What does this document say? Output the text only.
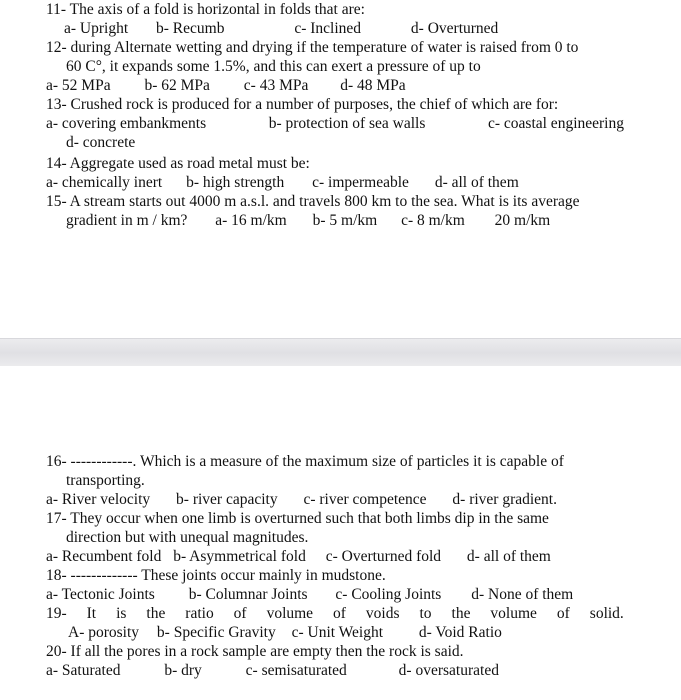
11- The axis of a fold is horizontal in folds that are:
a- Upright b- Recumb	c- Inclined	d- Overturned
12- during Alternate wetting and drying if the temperature of water is raised from 0 to
60 C°, it expands some 1.5%, and this can exert a pressure of up to
a- 52 MPa b- 62 MPa c- 43 MPa d- 48 MPa
13- Crushed rock is produced for a number of purposes, the chief of which are for:
a- covering embankments	b- protection of sea walls	c- coastal engineering
d- concrete
14- Aggregate used as road metal must be:
a- chemically inert b- high strength c- impermeable d- all of them
15- A stream starts out 4000 m a.s.l. and travels 800 km to the sea. What is its average
gradient in m / km? a- 16 m/km b- 5 m/km c- 8 m/km 20 m/km
16- ------------. Which is a measure of the maximum size of particles it is capable of
transporting.
a- River velocity b- river capacity c- river competence d- river gradient.
17- They occur when one limb is overturned such that both limbs dip in the same
direction but with unequal magnitudes.
a- Recumbent fold b- Asymmetrical fold c- Overturned fold d- all of them
18- ------------- These joints occur mainly in mudstone.
a- Tectonic Joints b- Columnar Joints c- Cooling Joints d- None of them
19- It is the ratio of volume of voids to the volume of solid.
A- porosity b- Specific Gravity c- Unit Weight d- Void Ratio
20- If all the pores in a rock sample are empty then the rock is said.
a- Saturated	b- dry	c- semisaturated	d- oversaturated
